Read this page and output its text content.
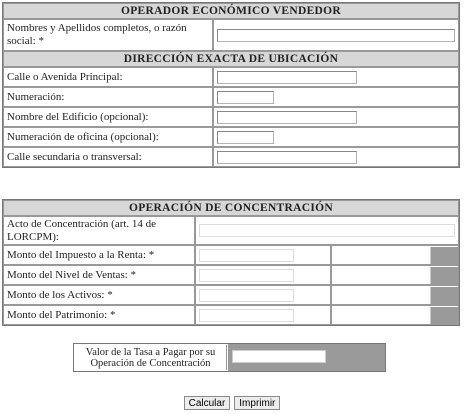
OPERADOR ECONÓMICO VENDEDOR	
Nombres y Apellidos completos, o razón social: *	
DIRECCIÓN EXACTA DE UBICACIÓN	
Calle o Avenida Principal:	
Numeración:	
Nombre del Edificio (opcional):	
Numeración de oficina (opcional):	
Calle secundaria o transversal:	
OPERACIÓN DE CONCENTRACIÓN		
Acto de Concentración (art. 14 de LORCPM):	
Monto del Impuesto a la Renta: *		

Monto del Nivel de Ventas: *		

Monto de los Activos: *		

Monto del Patrimonio: *		
Valor de la Tasa a Pagar por su Operación de Concentración
Calcular Imprimir
